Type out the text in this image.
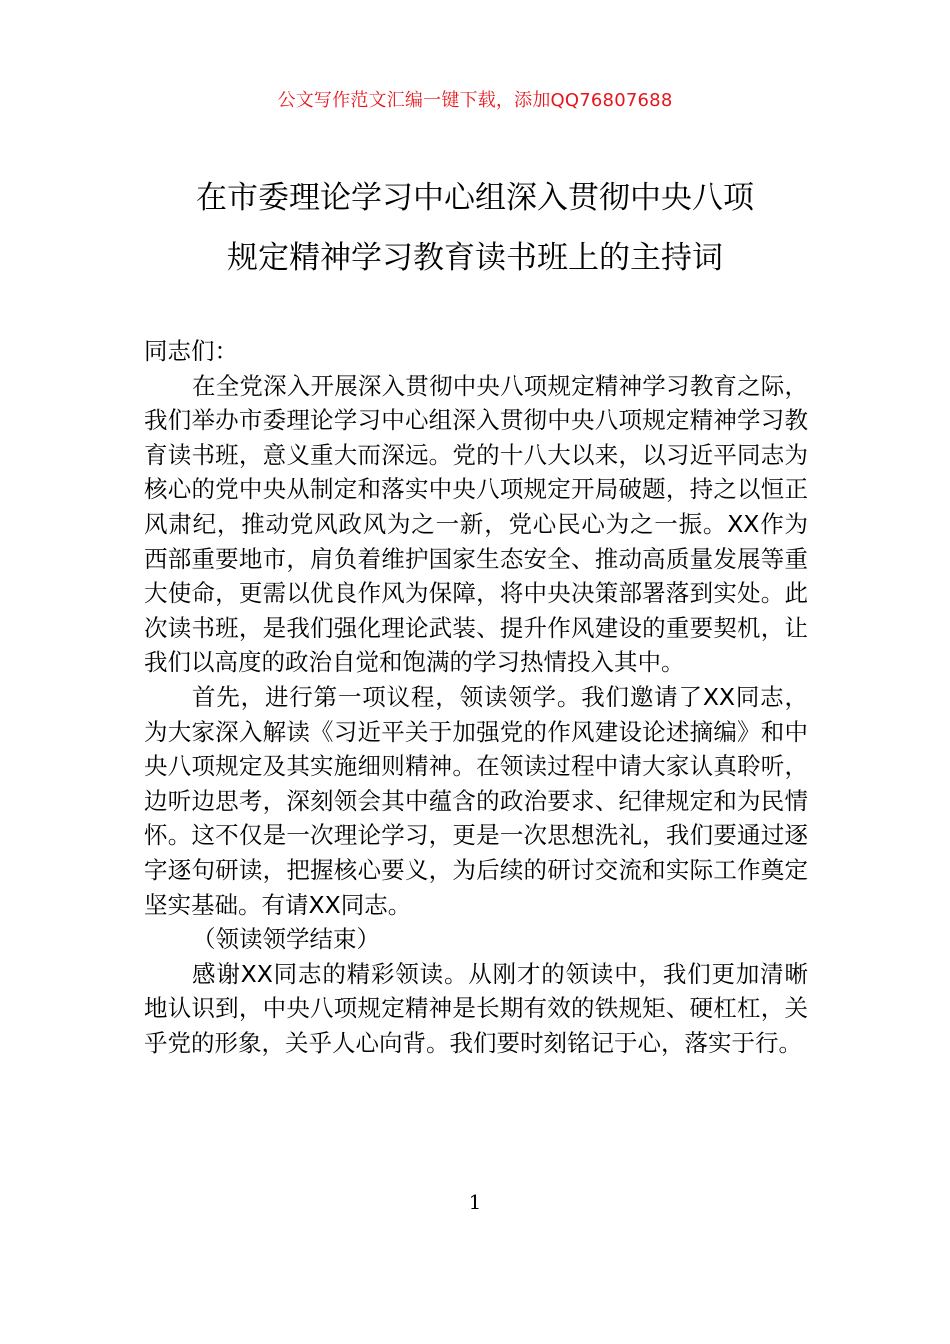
公文写作范文汇编一键下载，添加QQ76807688
在市委理论学习中心组深入贯彻中央八项
规定精神学习教育读书班上的主持词

同志们：

在全党深入开展深入贯彻中央八项规定精神学习教育之际，我们举办市委理论学习中心组深入贯彻中央八项规定精神学习教育读书班，意义重大而深远。党的十八大以来，以习近平同志为核心的党中央从制定和落实中央八项规定开局破题，持之以恒正风肃纪，推动党风政风为之一新，党心民心为之一振。XX作为西部重要地市，肩负着维护国家生态安全、推动高质量发展等重大使命，更需以优良作风为保障，将中央决策部署落到实处。此次读书班，是我们强化理论武装、提升作风建设的重要契机，让我们以高度的政治自觉和饱满的学习热情投入其中。

首先，进行第一项议程，领读领学。我们邀请了XX同志，为大家深入解读《习近平关于加强党的作风建设论述摘编》和中央八项规定及其实施细则精神。在领读过程中请大家认真聆听，边听边思考，深刻领会其中蕴含的政治要求、纪律规定和为民情怀。这不仅是一次理论学习，更是一次思想洗礼，我们要通过逐字逐句研读，把握核心要义，为后续的研讨交流和实际工作奠定坚实基础。有请XX同志。

（领读领学结束）

感谢XX同志的精彩领读。从刚才的领读中，我们更加清晰地认识到，中央八项规定精神是长期有效的铁规矩、硬杠杠，关乎党的形象，关乎人心向背。我们要时刻铭记于心，落实于行。

1
